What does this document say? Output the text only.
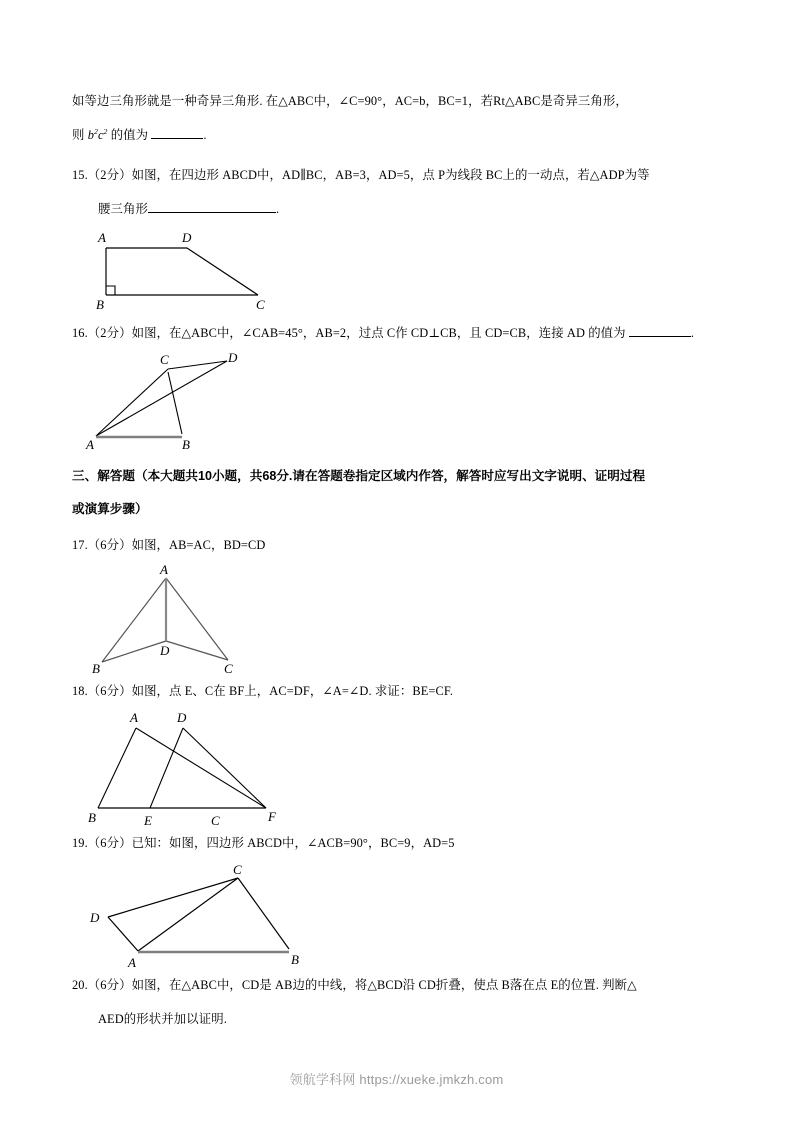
如等边三角形就是一种奇异三角形. 在△ABC中，∠C=90°，AC=b，BC=1，若Rt△ABC是奇异三角形，
则 $b^2c^2$ 的值为	.
15.（2分）如图，在四边形 ABCD中，AD∥BC，AB=3，AD=5，点 P为线段 BC上的一动点，若△ADP为等
腰三角形	.
A	D
B	C
16.（2分）如图，在△ABC中，∠CAB=45°，AB=2，过点 C作 CD⊥CB，且 CD=CB，连接 AD 的值为	.
C	D
A	B
三、解答题（本大题共10小题，共68分.请在答题卷指定区域内作答，解答时应写出文字说明、证明过程
或演算步骤）
17.（6分）如图，AB=AC，BD=CD
A
D
B	C
18.（6分）如图，点 E、C在 BF上，AC=DF，∠A=∠D. 求证：BE=CF.
A	D
B	E	C	F
19.（6分）已知：如图，四边形 ABCD中，∠ACB=90°，BC=9，AD=5
C
D
A	B
20.（6分）如图，在△ABC中，CD是 AB边的中线，将△BCD沿 CD折叠，使点 B落在点 E的位置. 判断△
AED的形状并加以证明.
领航学科网 https://xueke.jmkzh.com
